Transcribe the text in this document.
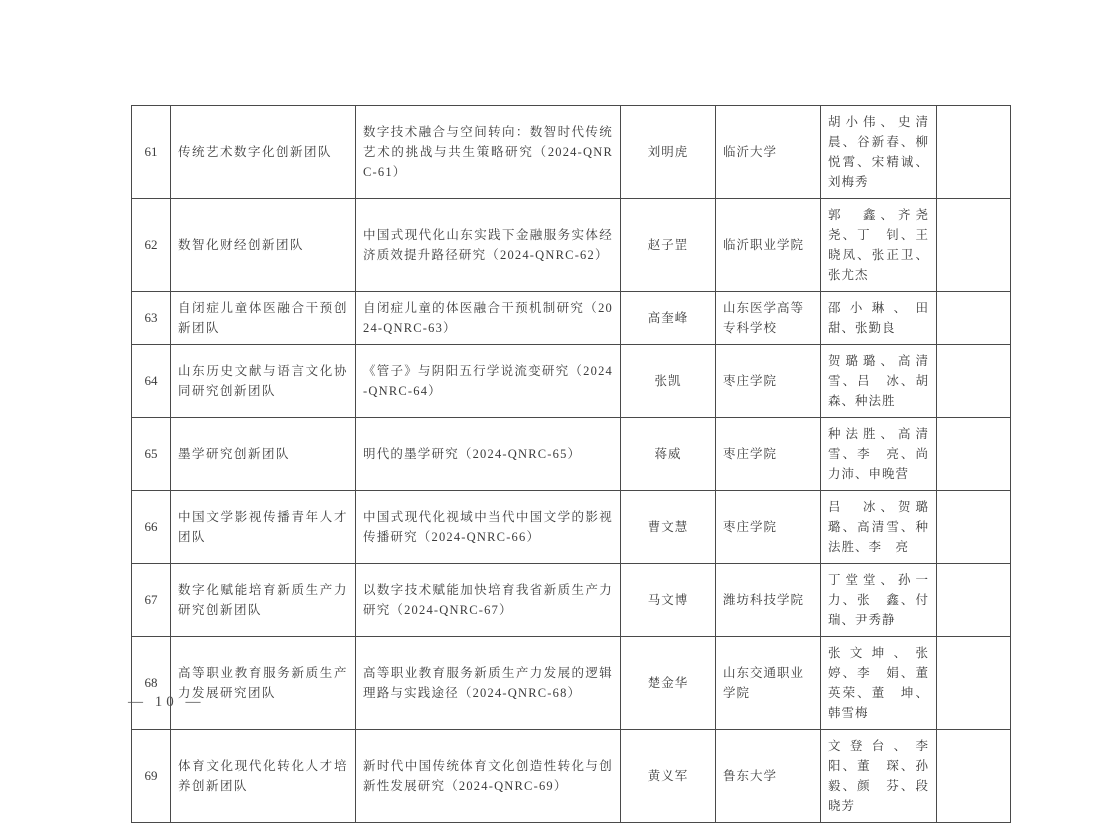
61	传统艺术数字化创新团队	数字技术融合与空间转向：数智时代传统艺术的挑战与共生策略研究（2024-QNRC-61）	刘明虎	临沂大学	胡小伟、史清晨、谷新春、柳悦霄、宋精诚、刘梅秀	
62	数智化财经创新团队	中国式现代化山东实践下金融服务实体经济质效提升路径研究（2024-QNRC-62）	赵子罡	临沂职业学院	郭　鑫、齐尧尧、丁　钊、王晓凤、张正卫、张尤杰	
63	自闭症儿童体医融合干预创新团队	自闭症儿童的体医融合干预机制研究（2024-QNRC-63）	高奎峰	山东医学高等专科学校	邵小琳、田　甜、张勤良	
64	山东历史文献与语言文化协同研究创新团队	《管子》与阴阳五行学说流变研究（2024-QNRC-64）	张凯	枣庄学院	贺璐璐、高清雪、吕　冰、胡　森、种法胜	
65	墨学研究创新团队	明代的墨学研究（2024-QNRC-65）	蒋威	枣庄学院	种法胜、高清雪、李　亮、尚力沛、申晚营	
66	中国文学影视传播青年人才团队	中国式现代化视域中当代中国文学的影视传播研究（2024-QNRC-66）	曹文慧	枣庄学院	吕　冰、贺璐璐、高清雪、种法胜、李　亮	
67	数字化赋能培育新质生产力研究创新团队	以数字技术赋能加快培育我省新质生产力研究（2024-QNRC-67）	马文博	潍坊科技学院	丁堂堂、孙一力、张　鑫、付　瑞、尹秀静	
68	高等职业教育服务新质生产力发展研究团队	高等职业教育服务新质生产力发展的逻辑理路与实践途径（2024-QNRC-68）	楚金华	山东交通职业学院	张文坤、张　婷、李　娟、董英荣、董　坤、韩雪梅	
69	体育文化现代化转化人才培养创新团队	新时代中国传统体育文化创造性转化与创新性发展研究（2024-QNRC-69）	黄义军	鲁东大学	文登台、李　阳、董　琛、孙　毅、颜　芬、段晓芳	
— 10 —
